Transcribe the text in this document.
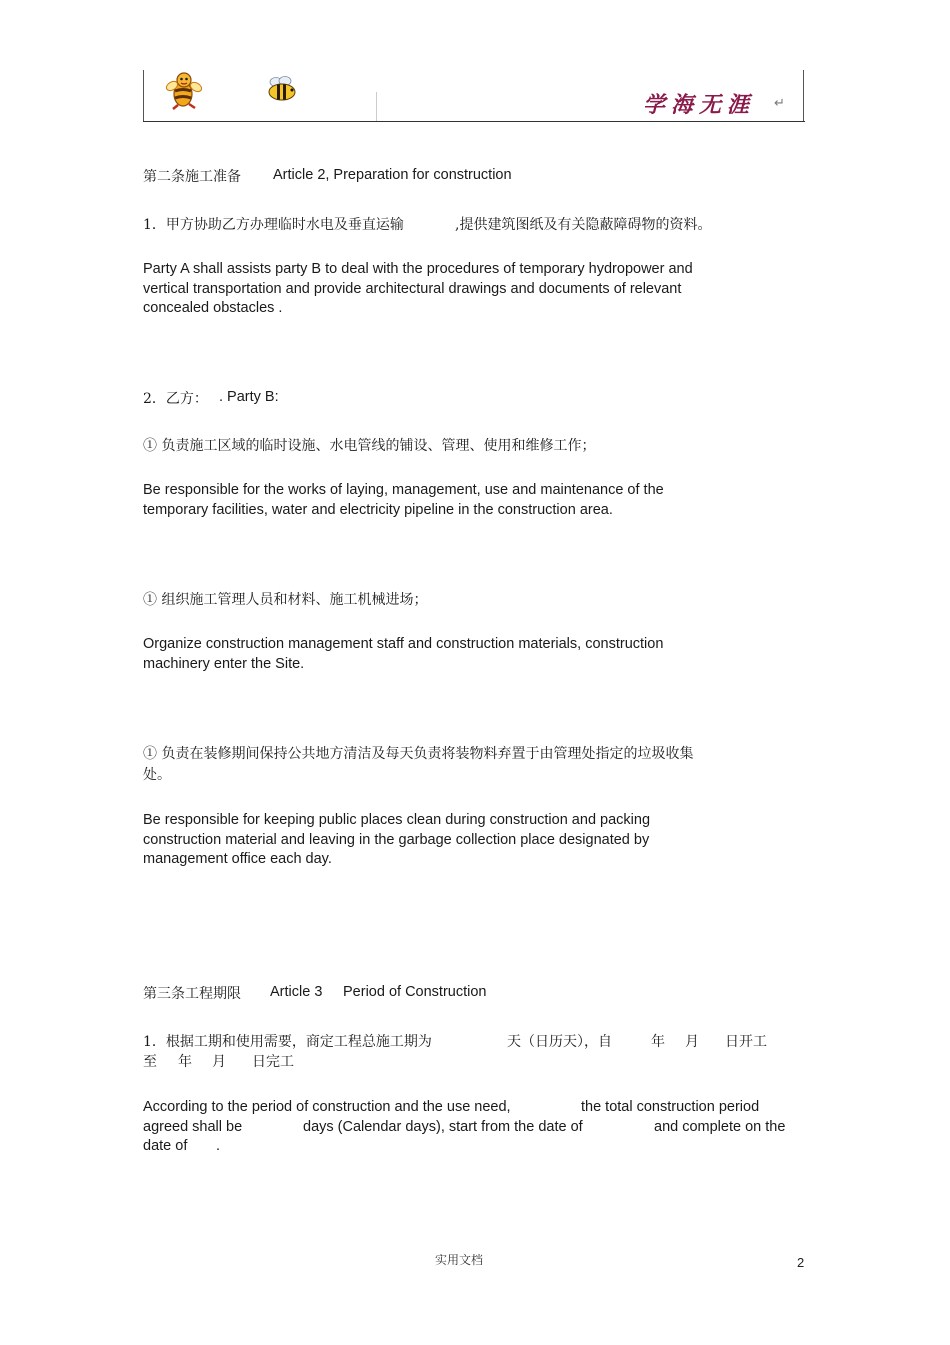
学海无涯 ↵
第二条施工准备 Article 2, Preparation for construction
1．甲方协助乙方办理临时水电及垂直运输	,提供建筑图纸及有关隐蔽障碍物的资料。
Party A shall assists party B to deal with the procedures of temporary hydropower and vertical transportation and provide architectural drawings and documents of relevant concealed obstacles .
2．乙方： . Party B:
① 负责施工区域的临时设施、水电管线的铺设、管理、使用和维修工作；
Be responsible for the works of laying, management, use and maintenance of the temporary facilities, water and electricity pipeline in the construction area.
① 组织施工管理人员和材料、施工机械进场；
Organize construction management staff and construction materials, construction machinery enter the Site.
① 负责在装修期间保持公共地方清洁及每天负责将装物料弃置于由管理处指定的垃圾收集
处。
Be responsible for keeping public places clean during construction and packing construction material and leaving in the garbage collection place designated by management office each day.
第三条工程期限 Article 3 Period of Construction
1．根据工期和使用需要，商定工程总施工期为	天（日历天），自	年 月 日开工
至 年 月 日完工
According to the period of construction and the use need,	the total construction period
agreed shall be	days (Calendar days), start from the date of	and complete on the
date of .
实用文档	2
